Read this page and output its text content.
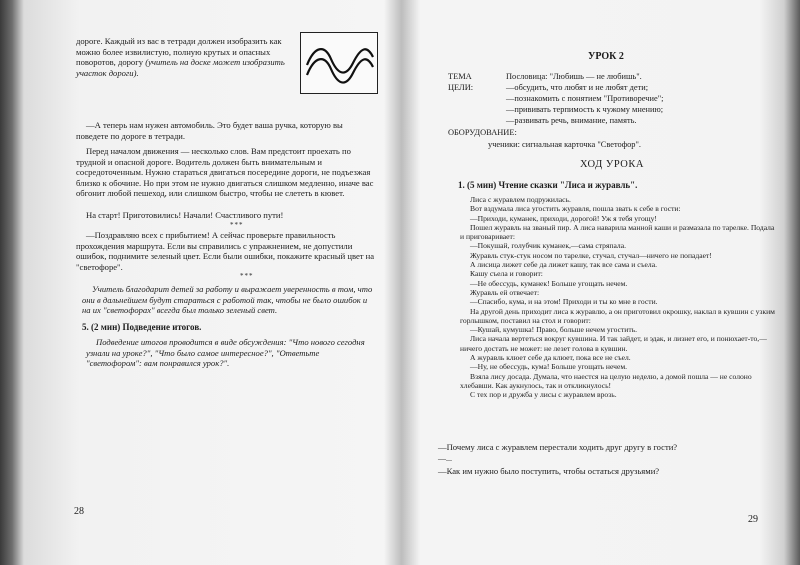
дороге. Каждый из вас в тетради должен изобразить как можно более извилистую, полную крутых и опасных поворотов, дорогу (учитель на доске может изобразить участок дороги).

—А теперь нам нужен автомобиль. Это будет ваша ручка, которую вы поведете по дороге в тетради.

Перед началом движения — несколько слов. Вам предстоит проехать по трудной и опасной дороге. Водитель должен быть внимательным и сосредоточенным. Нужно стараться двигаться посередине дороги, не подъезжая близко к обочине. Но при этом не нужно двигаться слишком медленно, иначе вас обгонит любой пешеход, или слишком быстро, чтобы не слететь в кювет.

На старт! Приготовились! Начали! Счастливого пути!

***

—Поздравляю всех с прибытием! А сейчас проверьте правильность прохождения маршрута. Если вы справились с упражнением, не допустили ошибок, поднимите зеленый цвет. Если были ошибки, покажите красный цвет на "светофоре".

***

Учитель благодарит детей за работу и выражает уверенность в том, что они в дальнейшем будут стараться с работой так, чтобы не было ошибок и на их "светофорах" всегда был только зеленый свет.

5. (2 мин) Подведение итогов.

Подведение итогов проводится в виде обсуждения: "Что нового сегодня узнали на уроке?", "Что было самое интересное?", "Ответьте "светофором": вам понравился урок?".

28
УРОК 2
ТЕМА	Пословица: "Любишь — не любишь".
ЦЕЛИ:	—обсудить, что любят и не любят дети;
—познакомить с понятием "Противоречие";
—прививать терпимость к чужому мнению;
—развивать речь, внимание, память.
ОБОРУДОВАНИЕ:
ученики: сигнальная карточка "Светофор".
ХОД УРОКА
1. (5 мин) Чтение сказки "Лиса и журавль".

Лиса с журавлем подружилась.

Вот вздумала лиса угостить журавля, пошла звать к себе в гости:

—Приходи, куманек, приходи, дорогой! Уж я тебя угощу!

Пошел журавль на званый пир. А лиса наварила манной каши и размазала по тарелке. Подала и приговаривает:

—Покушай, голубчик куманек,—сама стряпала.

Журавль стук-стук носом по тарелке, стучал, стучал—ничего не попадает!

А лисица лижет себе да лижет кашу, так все сама и съела.

Кашу съела и говорит:

—Не обессудь, куманек! Больше угощать нечем.

Журавль ей отвечает:

—Спасибо, кума, и на этом! Приходи и ты ко мне в гости.

На другой день приходит лиса к журавлю, а он приготовил окрошку, наклал в кувшин с узким горлышком, поставил на стол и говорит:

—Кушай, кумушка! Право, больше нечем угостить.

Лиса начала вертеться вокруг кувшина. И так зайдет, и эдак, и лизнет его, и понюхает-то,—ничего достать не может: не лезет голова в кувшин.

А журавль клюет себе да клюет, пока все не съел.

—Ну, не обессудь, кума! Больше угощать нечем.

Взяла лису досада. Думала, что наестся на целую неделю, а домой пошла — не солоно хлебавши. Как аукнулось, так и откликнулось!

С тех пор и дружба у лисы с журавлем врозь.

—Почему лиса с журавлем перестали ходить друг другу в гости?

—...

—Как им нужно было поступить, чтобы остаться друзьями?

29
